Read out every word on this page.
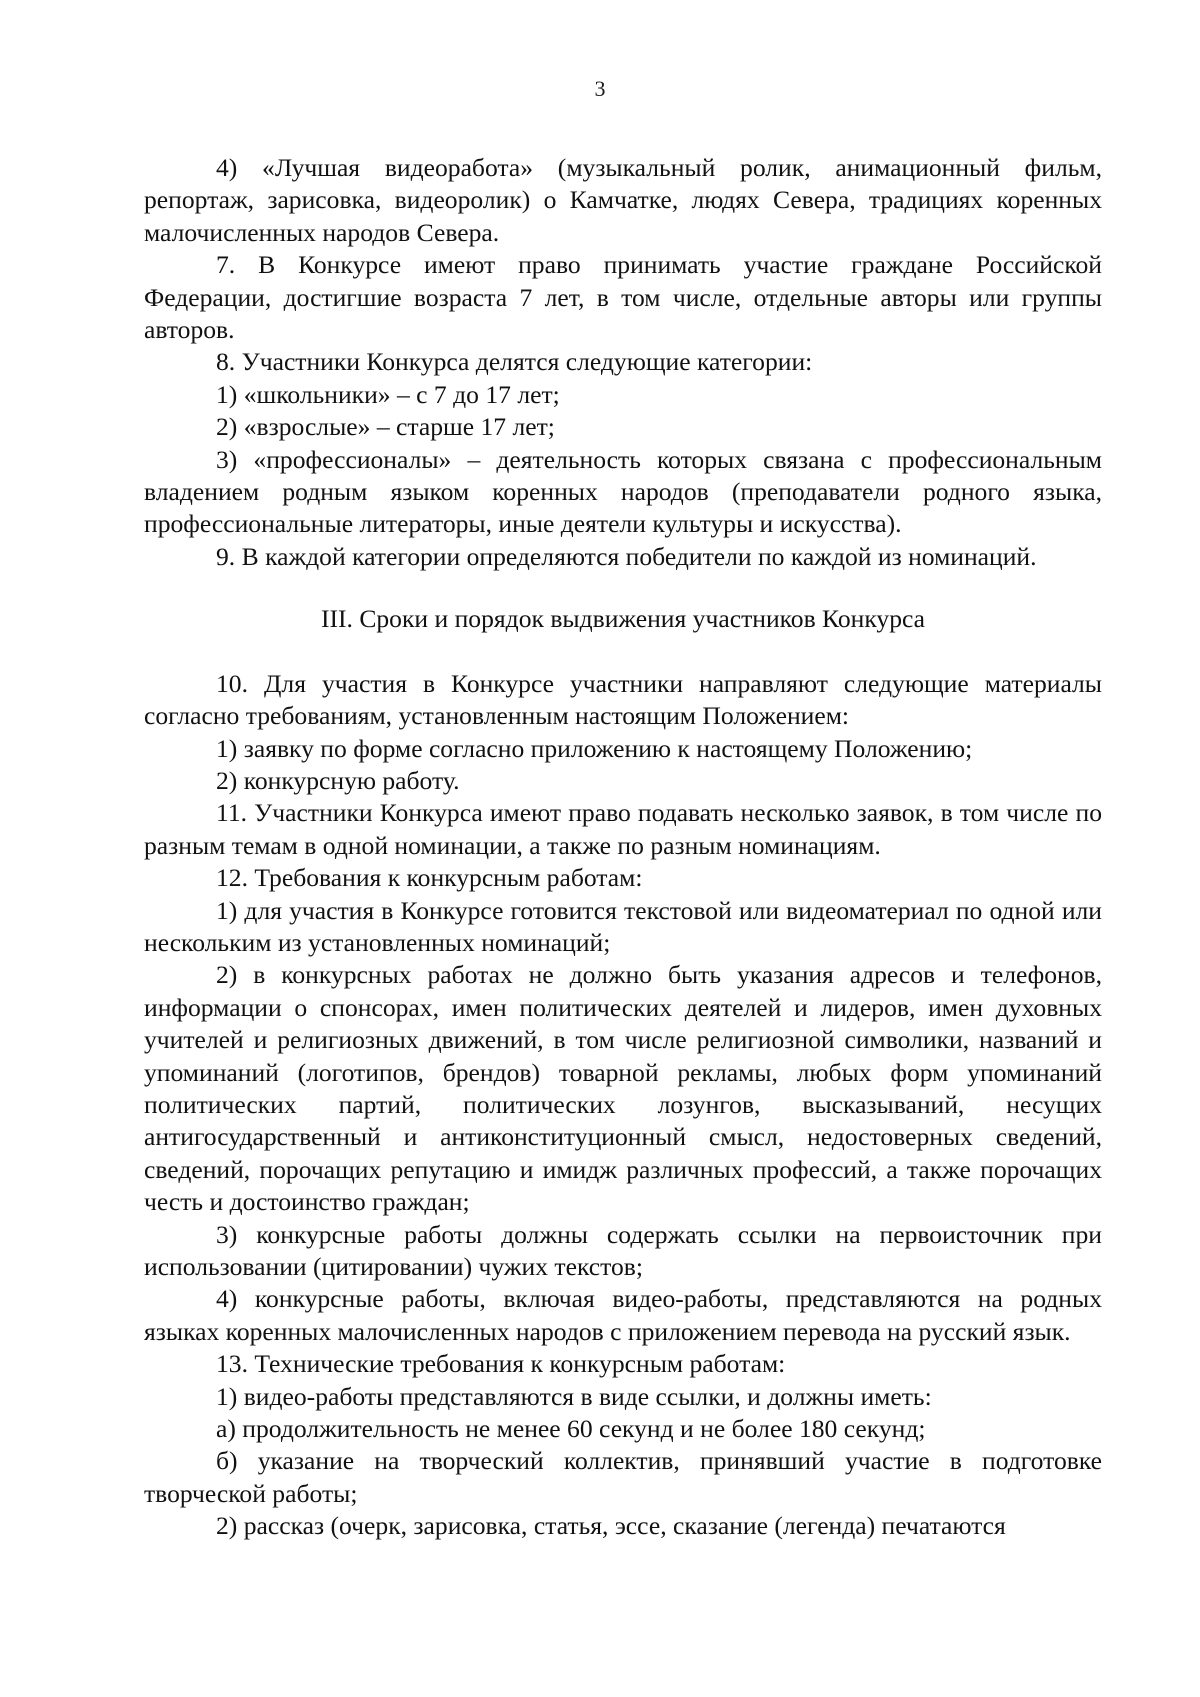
3

4) «Лучшая видеоработа» (музыкальный ролик, анимационный фильм, репортаж, зарисовка, видеоролик) о Камчатке, людях Севера, традициях коренных малочисленных народов Севера.

7. В Конкурсе имеют право принимать участие граждане Российской Федерации, достигшие возраста 7 лет, в том числе, отдельные авторы или группы авторов.

8. Участники Конкурса делятся следующие категории:

1) «школьники» – с 7 до 17 лет;

2) «взрослые» – старше 17 лет;

3) «профессионалы» – деятельность которых связана с профессиональным владением родным языком коренных народов (преподаватели родного языка, профессиональные литераторы, иные деятели культуры и искусства).

9. В каждой категории определяются победители по каждой из номинаций.

III. Сроки и порядок выдвижения участников Конкурса

10. Для участия в Конкурсе участники направляют следующие материалы согласно требованиям, установленным настоящим Положением:

1) заявку по форме согласно приложению к настоящему Положению;

2) конкурсную работу.

11. Участники Конкурса имеют право подавать несколько заявок, в том числе по разным темам в одной номинации, а также по разным номинациям.

12. Требования к конкурсным работам:

1) для участия в Конкурсе готовится текстовой или видеоматериал по одной или нескольким из установленных номинаций;

2) в конкурсных работах не должно быть указания адресов и телефонов, информации о спонсорах, имен политических деятелей и лидеров, имен духовных учителей и религиозных движений, в том числе религиозной символики, названий и упоминаний (логотипов, брендов) товарной рекламы, любых форм упоминаний политических партий, политических лозунгов, высказываний, несущих антигосударственный и антиконституционный смысл, недостоверных сведений, сведений, порочащих репутацию и имидж различных профессий, а также порочащих честь и достоинство граждан;

3) конкурсные работы должны содержать ссылки на первоисточник при использовании (цитировании) чужих текстов;

4) конкурсные работы, включая видео-работы, представляются на родных языках коренных малочисленных народов с приложением перевода на русский язык.

13. Технические требования к конкурсным работам:

1) видео-работы представляются в виде ссылки, и должны иметь:

а) продолжительность не менее 60 секунд и не более 180 секунд;

б) указание на творческий коллектив, принявший участие в подготовке творческой работы;

2) рассказ (очерк, зарисовка, статья, эссе, сказание (легенда) печатаются
